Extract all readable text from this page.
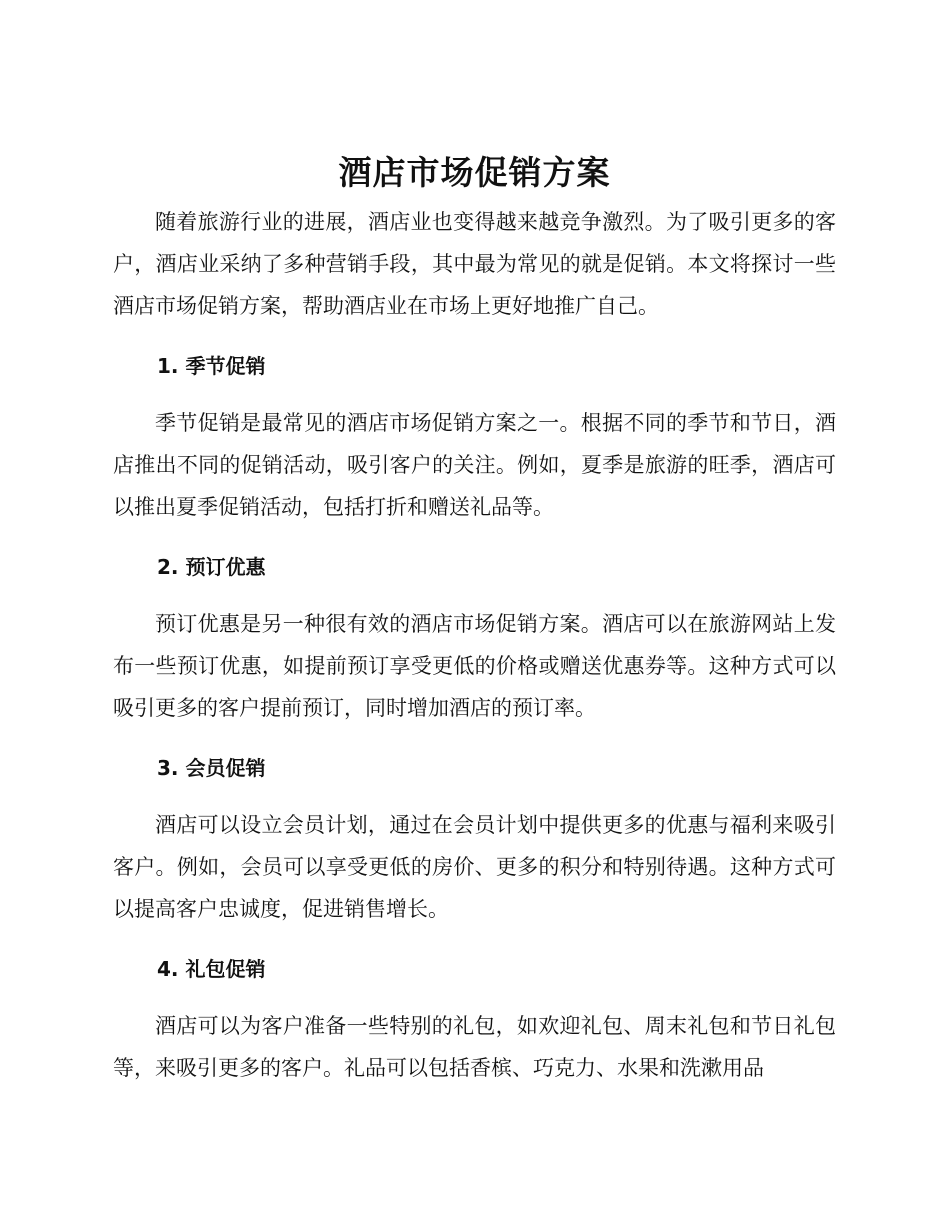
酒店市场促销方案

随着旅游行业的进展，酒店业也变得越来越竞争激烈。为了吸引更多的客户，酒店业采纳了多种营销手段，其中最为常见的就是促销。本文将探讨一些酒店市场促销方案，帮助酒店业在市场上更好地推广自己。

1. 季节促销

季节促销是最常见的酒店市场促销方案之一。根据不同的季节和节日，酒店推出不同的促销活动，吸引客户的关注。例如，夏季是旅游的旺季，酒店可以推出夏季促销活动，包括打折和赠送礼品等。

2. 预订优惠

预订优惠是另一种很有效的酒店市场促销方案。酒店可以在旅游网站上发布一些预订优惠，如提前预订享受更低的价格或赠送优惠券等。这种方式可以吸引更多的客户提前预订，同时增加酒店的预订率。

3. 会员促销

酒店可以设立会员计划，通过在会员计划中提供更多的优惠与福利来吸引客户。例如，会员可以享受更低的房价、更多的积分和特别待遇。这种方式可以提高客户忠诚度，促进销售增长。

4. 礼包促销

酒店可以为客户准备一些特别的礼包，如欢迎礼包、周末礼包和节日礼包等，来吸引更多的客户。礼品可以包括香槟、巧克力、水果和洗漱用品
